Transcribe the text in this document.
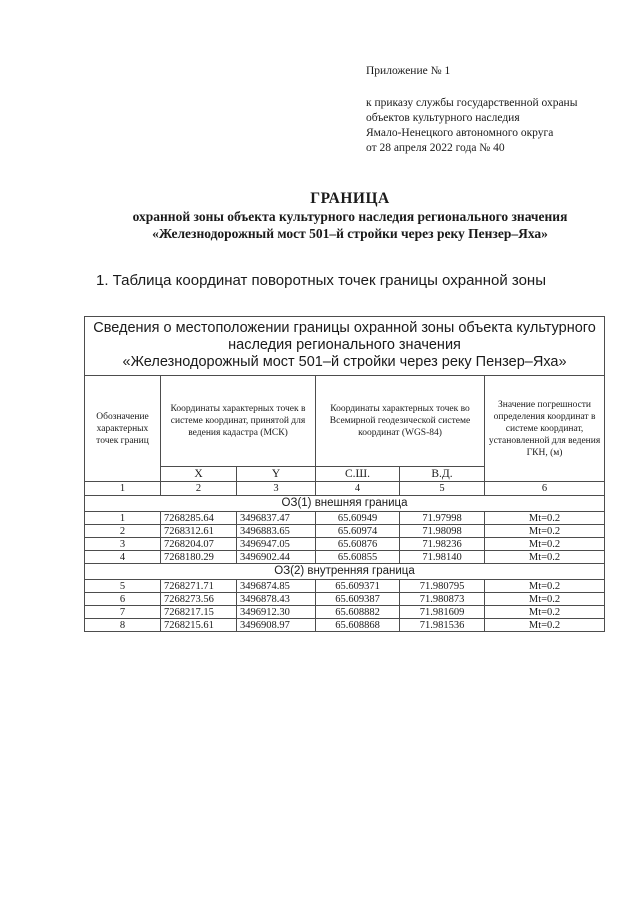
Приложение № 1
к приказу службы государственной охраны
объектов культурного наследия
Ямало-Ненецкого автономного округа
от 28 апреля 2022 года № 40
ГРАНИЦА
охранной зоны объекта культурного наследия регионального значения
«Железнодорожный мост 501–й стройки через реку Пензер–Яха»
1. Таблица координат поворотных точек границы охранной зоны
Сведения о местоположении границы охранной зоны объекта культурного
наследия регионального значения
«Железнодорожный мост 501–й стройки через реку Пензер–Яха»					

Обозначение характерных точек границ	Координаты характерных точек в системе координат, принятой для ведения кадастра (МСК)		Координаты характерных точек во Всемирной геодезической системе координат (WGS-84)		Значение погрешности определения координат в системе координат, установленной для ведения ГКН, (м)
	X	Y	С.Ш.	В.Д.	
1	2	3	4	5	6
ОЗ(1) внешняя граница					
1	7268285.64	3496837.47	65.60949	71.97998	Mt=0.2
2	7268312.61	3496883.65	65.60974	71.98098	Mt=0.2
3	7268204.07	3496947.05	65.60876	71.98236	Mt=0.2
4	7268180.29	3496902.44	65.60855	71.98140	Mt=0.2
ОЗ(2) внутренняя граница					
5	7268271.71	3496874.85	65.609371	71.980795	Mt=0.2
6	7268273.56	3496878.43	65.609387	71.980873	Mt=0.2
7	7268217.15	3496912.30	65.608882	71.981609	Mt=0.2
8	7268215.61	3496908.97	65.608868	71.981536	Mt=0.2
